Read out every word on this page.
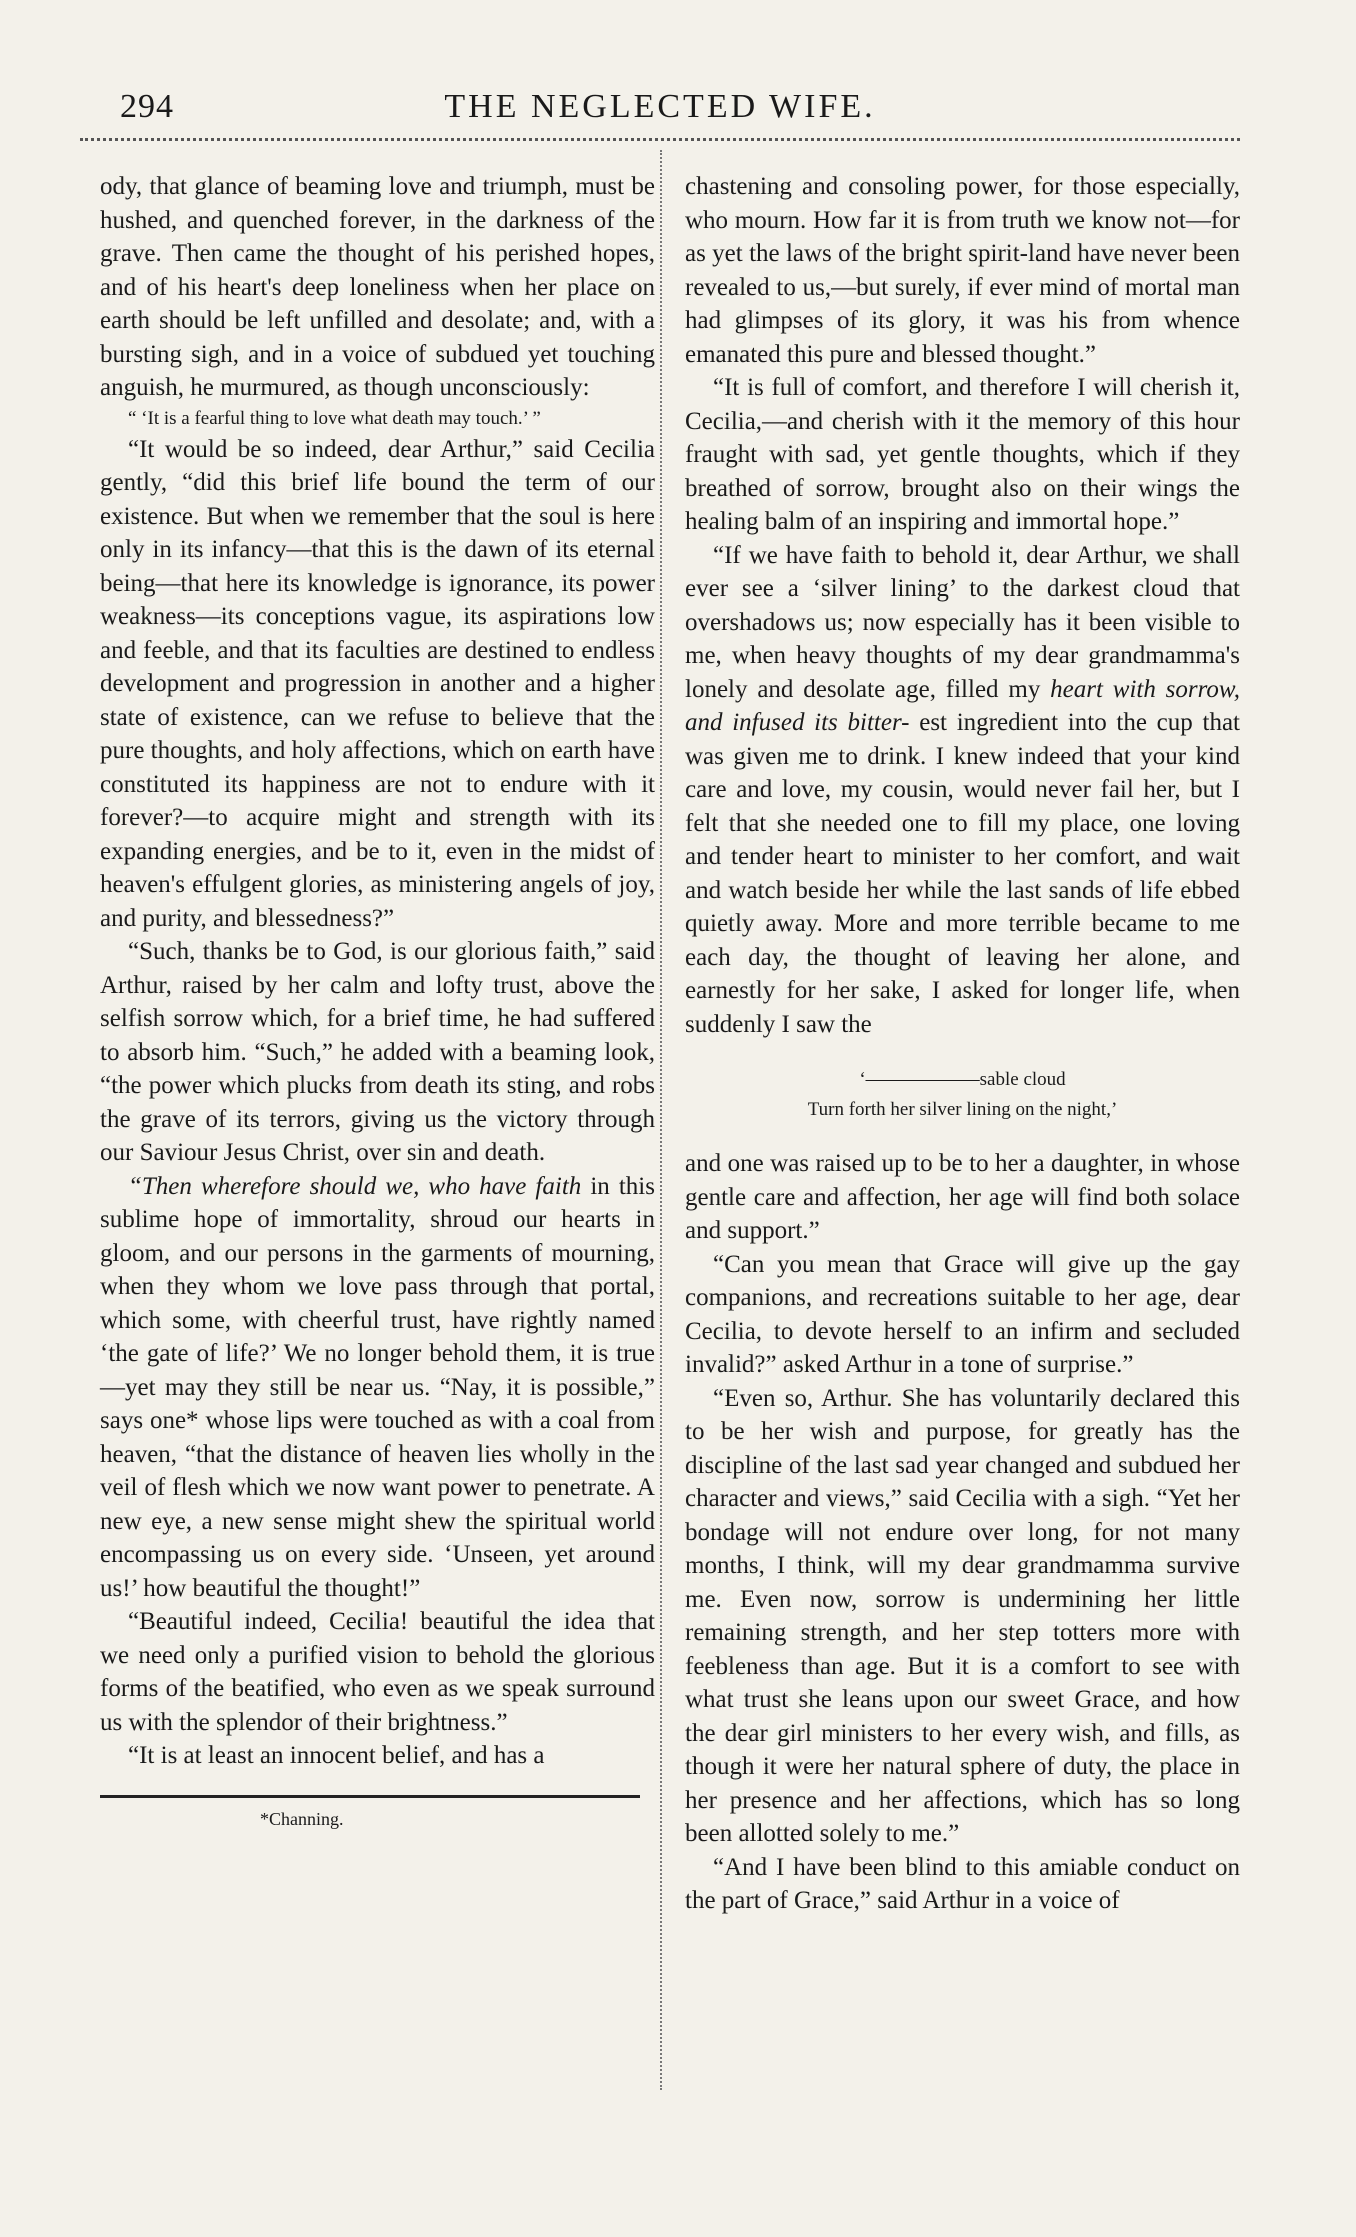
294	THE NEGLECTED WIFE.

ody, that glance of beaming love and triumph, must be hushed, and quenched forever, in the darkness of the grave. Then came the thought of his perished hopes, and of his heart's deep loneliness when her place on earth should be left unfilled and desolate; and, with a bursting sigh, and in a voice of subdued yet touching anguish, he murmured, as though unconsciously:

“ ‘It is a fearful thing to love what death may touch.’ ”

“It would be so indeed, dear Arthur,” said Cecilia gently, “did this brief life bound the term of our existence. But when we remember that the soul is here only in its infancy—that this is the dawn of its eternal being—that here its knowledge is ignorance, its power weakness—its conceptions vague, its aspirations low and feeble, and that its faculties are destined to endless development and progression in another and a higher state of existence, can we refuse to believe that the pure thoughts, and holy affections, which on earth have constituted its happiness are not to endure with it forever?—to acquire might and strength with its expanding energies, and be to it, even in the midst of heaven's effulgent glories, as ministering angels of joy, and purity, and blessedness?”

“Such, thanks be to God, is our glorious faith,” said Arthur, raised by her calm and lofty trust, above the selfish sorrow which, for a brief time, he had suffered to absorb him. “Such,” he added with a beaming look, “the power which plucks from death its sting, and robs the grave of its terrors, giving us the victory through our Saviour Jesus Christ, over sin and death.

“Then wherefore should we, who have faith in this sublime hope of immortality, shroud our hearts in gloom, and our persons in the garments of mourning, when they whom we love pass through that portal, which some, with cheerful trust, have rightly named ‘the gate of life?’ We no longer behold them, it is true—yet may they still be near us. “Nay, it is possible,” says one* whose lips were touched as with a coal from heaven, “that the distance of heaven lies wholly in the veil of flesh which we now want power to penetrate. A new eye, a new sense might shew the spiritual world encompassing us on every side. ‘Unseen, yet around us!’ how beautiful the thought!”

“Beautiful indeed, Cecilia! beautiful the idea that we need only a purified vision to behold the glorious forms of the beatified, who even as we speak surround us with the splendor of their brightness.”

“It is at least an innocent belief, and has a

*Channing.

chastening and consoling power, for those especially, who mourn. How far it is from truth we know not—for as yet the laws of the bright spirit-land have never been revealed to us,—but surely, if ever mind of mortal man had glimpses of its glory, it was his from whence emanated this pure and blessed thought.”

“It is full of comfort, and therefore I will cherish it, Cecilia,—and cherish with it the memory of this hour fraught with sad, yet gentle thoughts, which if they breathed of sorrow, brought also on their wings the healing balm of an inspiring and immortal hope.”

“If we have faith to behold it, dear Arthur, we shall ever see a ‘silver lining’ to the darkest cloud that overshadows us; now especially has it been visible to me, when heavy thoughts of my dear grandmamma's lonely and desolate age, filled my heart with sorrow, and infused its bitter- est ingredient into the cup that was given me to drink. I knew indeed that your kind care and love, my cousin, would never fail her, but I felt that she needed one to fill my place, one loving and tender heart to minister to her comfort, and wait and watch beside her while the last sands of life ebbed quietly away. More and more terrible became to me each day, the thought of leaving her alone, and earnestly for her sake, I asked for longer life, when suddenly I saw the

‘——————sable cloud
Turn forth her silver lining on the night,’

and one was raised up to be to her a daughter, in whose gentle care and affection, her age will find both solace and support.”

“Can you mean that Grace will give up the gay companions, and recreations suitable to her age, dear Cecilia, to devote herself to an infirm and secluded invalid?” asked Arthur in a tone of surprise.”

“Even so, Arthur. She has voluntarily declared this to be her wish and purpose, for greatly has the discipline of the last sad year changed and subdued her character and views,” said Cecilia with a sigh. “Yet her bondage will not endure over long, for not many months, I think, will my dear grandmamma survive me. Even now, sorrow is undermining her little remaining strength, and her step totters more with feebleness than age. But it is a comfort to see with what trust she leans upon our sweet Grace, and how the dear girl ministers to her every wish, and fills, as though it were her natural sphere of duty, the place in her presence and her affections, which has so long been allotted solely to me.”

“And I have been blind to this amiable conduct on the part of Grace,” said Arthur in a voice of
